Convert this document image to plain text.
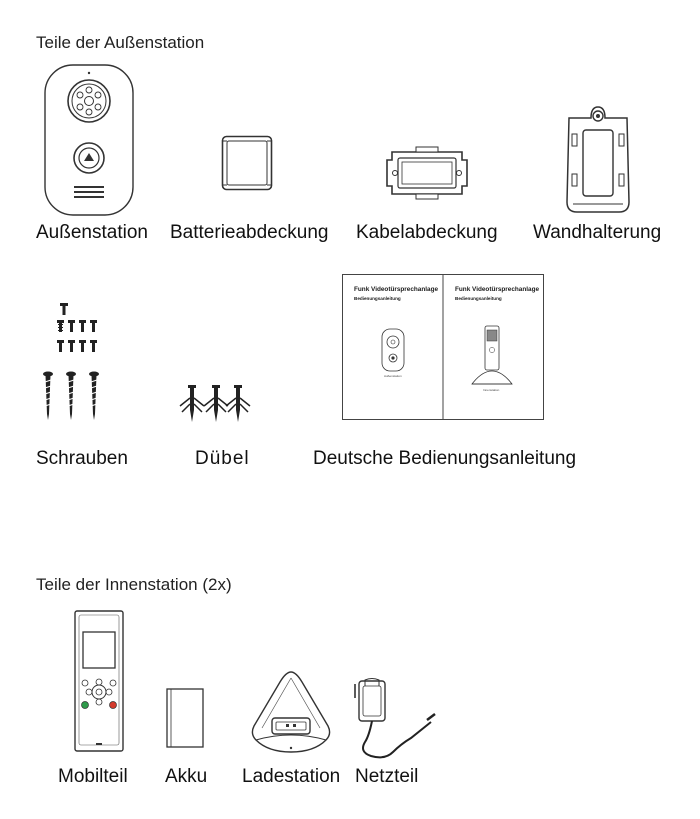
Teile der Außenstation
Außenstation Batterieabdeckung Kabelabdeckung Wandhalterung
Schrauben	Dübel
Funk Videotürsprechanlage
Bedienungsanleitung
Außenstation
Funk Videotürsprechanlage
Bedienungsanleitung
Innenstation
Deutsche Bedienungsanleitung
Teile der Innenstation (2x)
Mobilteil Akku Ladestation Netzteil
